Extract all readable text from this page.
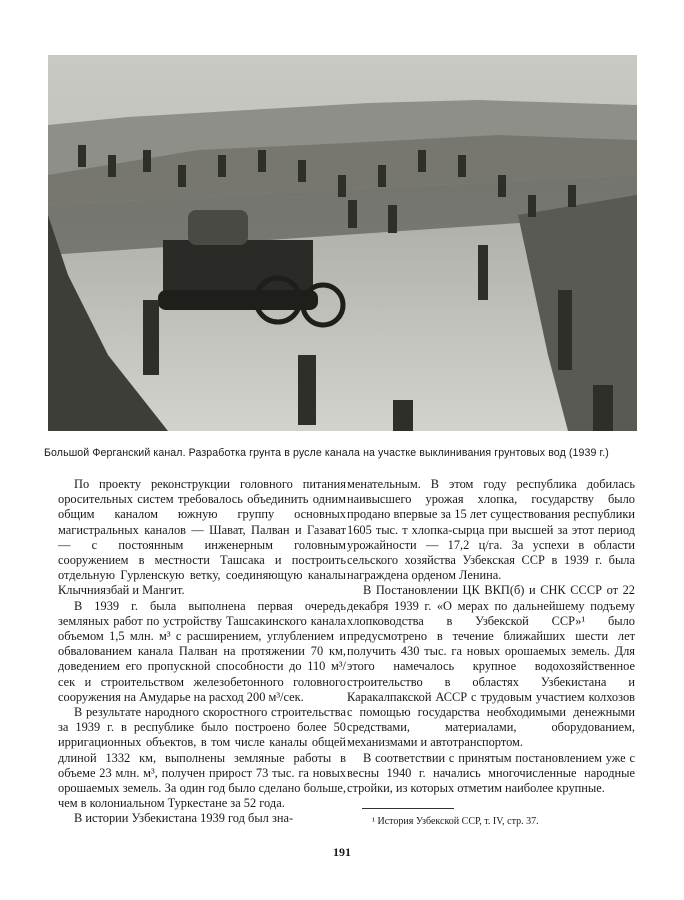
Большой Ферганский канал. Разработка грунта в русле канала на участке выклинивания грунтовых вод (1939 г.)

По проекту реконструкции головного питания оросительных систем требовалось объединить одним общим каналом южную группу основных магистральных каналов — Шават, Палван и Газават — с постоянным инженерным головным сооружением в местности Ташсака и построить отдельную Гурленскую ветку, соединяющую каналы Клычниязбай и Мангит.

В 1939 г. была выполнена первая очередь земляных работ по устройству Ташсакинского канала объемом 1,5 млн. м³ с расширением, углублением и обвалованием канала Палван на протяжении 70 км, доведением его пропускной способности до 110 м³/сек и строительством железобетонного головного сооружения на Амударье на расход 200 м³/сек.

В результате народного скоростного строительства за 1939 г. в республике было построено более 50 ирригационных объектов, в том числе каналы общей длиной 1332 км, выполнены земляные работы в объеме 23 млн. м³, получен прирост 73 тыс. га новых орошаемых земель. За один год было сделано больше, чем в колониальном Туркестане за 52 года.

В истории Узбекистана 1939 год был зна-

менательным. В этом году республика добилась наивысшего урожая хлопка, государству было продано впервые за 15 лет существования республики 1605 тыс. т хлопка-сырца при высшей за этот период урожайности — 17,2 ц/га. За успехи в области сельского хозяйства Узбекская ССР в 1939 г. была награждена орденом Ленина.

В Постановлении ЦК ВКП(б) и СНК СССР от 22 декабря 1939 г. «О мерах по дальнейшему подъему хлопководства в Узбекской ССР»¹ было предусмотрено в течение ближайших шести лет получить 430 тыс. га новых орошаемых земель. Для этого намечалось крупное водохозяйственное строительство в областях Узбекистана и Каракалпакской АССР с трудовым участием колхозов с помощью государства необходимыми денежными средствами, материалами, оборудованием, механизмами и автотранспортом.

В соответствии с принятым постановлением уже с весны 1940 г. начались многочисленные народные стройки, из которых отметим наиболее крупные.

¹ История Узбекской ССР, т. IV, стр. 37.
191
